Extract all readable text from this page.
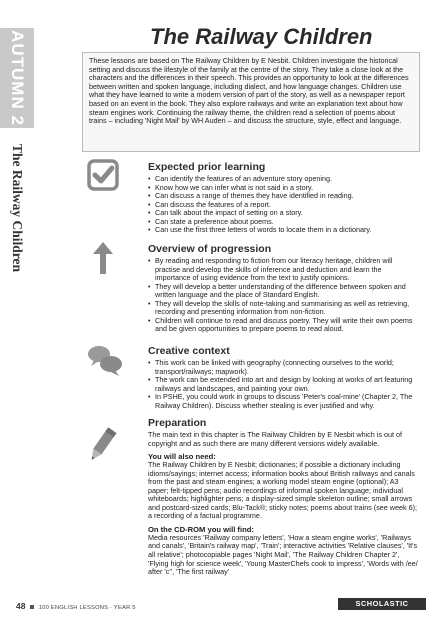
AUTUMN 2
The Railway Children
The Railway Children

These lessons are based on The Railway Children by E Nesbit. Children investigate the historical setting and discuss the lifestyle of the family at the centre of the story. They take a close look at the characters and the differences in their speech. This provides an opportunity to look at the differences between written and spoken language, including dialect, and how language changes. Children use what they have learned to write a modern version of part of the story, as well as a newspaper report based on an event in the book. They also explore railways and write an explanation text about how steam engines work. Continuing the railway theme, the children read a selection of poems about trains – including 'Night Mail' by WH Auden – and discuss the structure, style, effect and language.

Expected prior learning
• Can identify the features of an adventure story opening.
• Know how we can infer what is not said in a story.
• Can discuss a range of themes they have identified in reading.
• Can discuss the features of a report.
• Can talk about the impact of setting on a story.
• Can state a preference about poems.
• Can use the first three letters of words to locate them in a dictionary.
Overview of progression
• By reading and responding to fiction from our literacy heritage, children will practise and develop the skills of inference and deduction and learn the importance of using evidence from the text to justify opinions.
• They will develop a better understanding of the difference between spoken and written language and the place of Standard English.
• They will develop the skills of note-taking and summarising as well as retrieving, recording and presenting information from non-fiction.
• Children will continue to read and discuss poetry. They will write their own poems and be given opportunities to prepare poems to read aloud.
Creative context
• This work can be linked with geography (connecting ourselves to the world; transport/railways; mapwork).
• The work can be extended into art and design by looking at works of art featuring railways and landscapes, and painting your own.
• In PSHE, you could work in groups to discuss 'Peter's coal-mine' (Chapter 2, The Railway Children). Discuss whether stealing is ever justified and why.
Preparation

The main text in this chapter is The Railway Children by E Nesbit which is out of copyright and as such there are many different versions widely available.

You will also need:

The Railway Children by E Nesbit; dictionaries; if possible a dictionary including idioms/sayings; internet access; information books about British railways and canals from the past and steam engines; a working model steam engine (optional); A3 paper; felt-tipped pens; audio recordings of informal spoken language; individual whiteboards; highlighter pens; a display-sized simple skeleton outline; small arrows and postcard-sized cards; Blu-Tack®; sticky notes; poems about trains (see week 6); a recording of a factual programme.

On the CD-ROM you will find:

Media resources 'Railway company letters', 'How a steam engine works', 'Railways and canals', 'Britain's railway map', 'Train'; interactive activities 'Relative clauses', 'It's all relative'; photocopiable pages 'Night Mail', 'The Railway Children Chapter 2', 'Flying high for science week', 'Young MasterChefs cook to impress', 'Words with /ee/ after 'c'', 'The first railway'

48 100 ENGLISH LESSONS · YEAR 5	SCHOLASTIC
